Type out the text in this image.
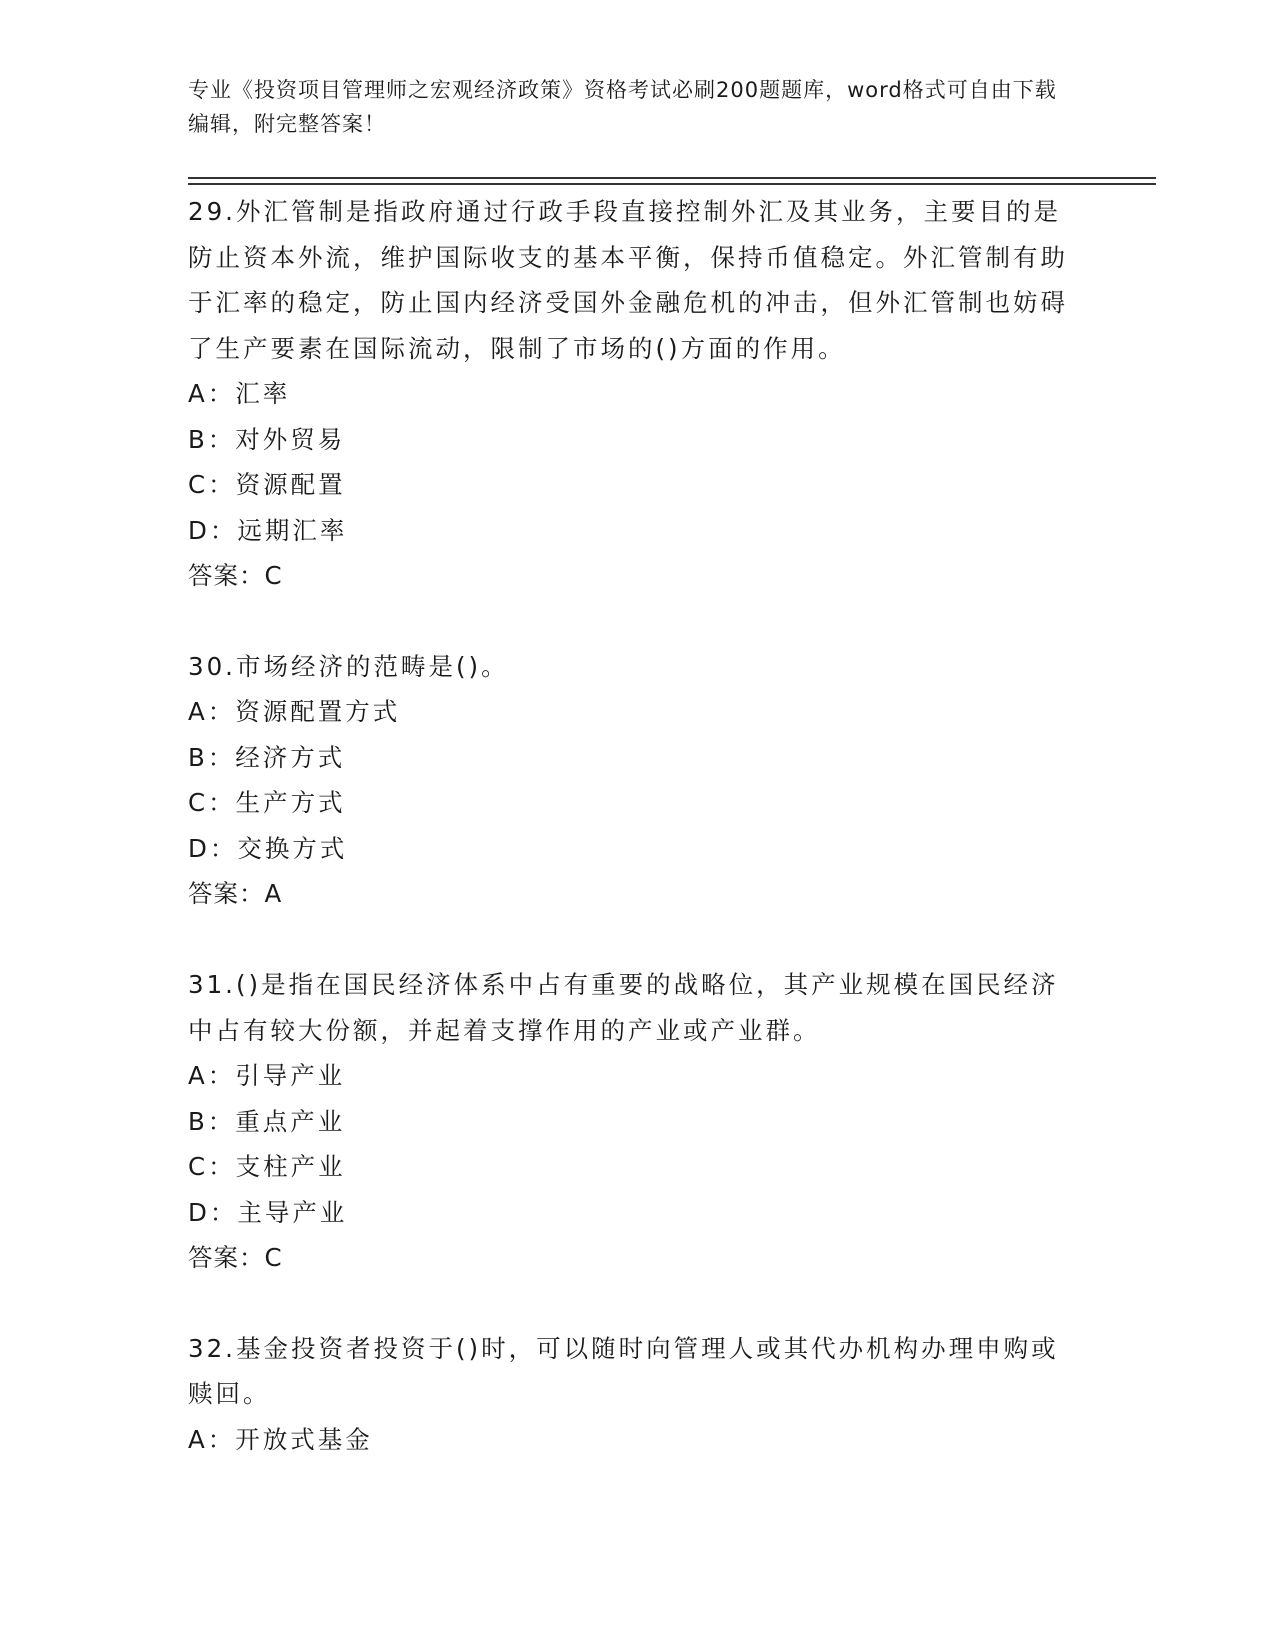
专业《投资项目管理师之宏观经济政策》资格考试必刷200题题库，word格式可自由下载编辑，附完整答案！

29.外汇管制是指政府通过行政手段直接控制外汇及其业务，主要目的是防止资本外流，维护国际收支的基本平衡，保持币值稳定。外汇管制有助于汇率的稳定，防止国内经济受国外金融危机的冲击，但外汇管制也妨碍了生产要素在国际流动，限制了市场的()方面的作用。

A：汇率

B：对外贸易

C：资源配置

D：远期汇率

答案：C

30.市场经济的范畴是()。

A：资源配置方式

B：经济方式

C：生产方式

D：交换方式

答案：A

31.()是指在国民经济体系中占有重要的战略位，其产业规模在国民经济中占有较大份额，并起着支撑作用的产业或产业群。

A：引导产业

B：重点产业

C：支柱产业

D：主导产业

答案：C

32.基金投资者投资于()时，可以随时向管理人或其代办机构办理申购或赎回。

A：开放式基金
